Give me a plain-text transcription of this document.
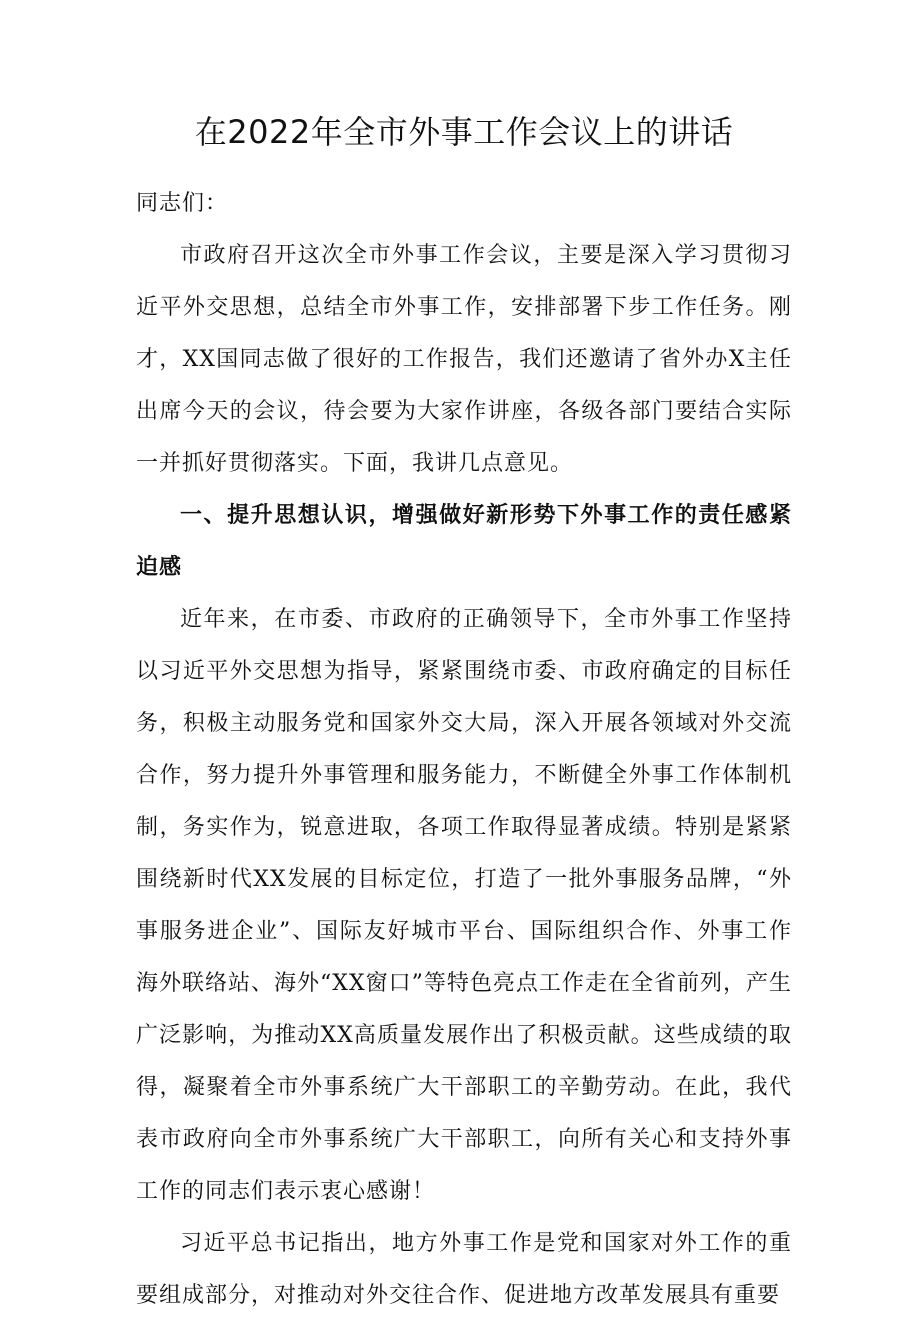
在2022年全市外事工作会议上的讲话

同志们：

市政府召开这次全市外事工作会议，主要是深入学习贯彻习近平外交思想，总结全市外事工作，安排部署下步工作任务。刚才，XX国同志做了很好的工作报告，我们还邀请了省外办X主任出席今天的会议，待会要为大家作讲座，各级各部门要结合实际一并抓好贯彻落实。下面，我讲几点意见。

一、提升思想认识，增强做好新形势下外事工作的责任感紧迫感

近年来，在市委、市政府的正确领导下，全市外事工作坚持以习近平外交思想为指导，紧紧围绕市委、市政府确定的目标任务，积极主动服务党和国家外交大局，深入开展各领域对外交流合作，努力提升外事管理和服务能力，不断健全外事工作体制机制，务实作为，锐意进取，各项工作取得显著成绩。特别是紧紧围绕新时代XX发展的目标定位，打造了一批外事服务品牌，“外事服务进企业”、国际友好城市平台、国际组织合作、外事工作海外联络站、海外“XX窗口”等特色亮点工作走在全省前列，产生广泛影响，为推动XX高质量发展作出了积极贡献。这些成绩的取得，凝聚着全市外事系统广大干部职工的辛勤劳动。在此，我代表市政府向全市外事系统广大干部职工，向所有关心和支持外事工作的同志们表示衷心感谢！

习近平总书记指出，地方外事工作是党和国家对外工作的重要组成部分，对推动对外交往合作、促进地方改革发展具有重要
